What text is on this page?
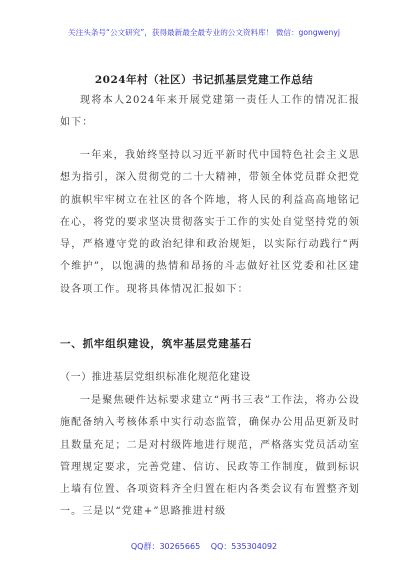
关注头条号“公文研究”，获得最新最全最专业的公文资料库！ 微信：gongwenyj
2024年村（社区）书记抓基层党建工作总结

现将本人2024年来开展党建第一责任人工作的情况汇报如下：

一年来，我始终坚持以习近平新时代中国特色社会主义思想为指引，深入贯彻党的二十大精神，带领全体党员群众把党的旗帜牢牢树立在社区的各个阵地，将人民的利益高高地铭记在心，将党的要求坚决贯彻落实于工作的实处自觉坚持党的领导，严格遵守党的政治纪律和政治规矩，以实际行动践行“两个维护”，以饱满的热情和昂扬的斗志做好社区党委和社区建设各项工作。现将具体情况汇报如下：

一、抓牢组织建设，筑牢基层党建基石
（一）推进基层党组织标准化规范化建设

一是聚焦硬件达标要求建立“两书三表”工作法，将办公设施配备纳入考核体系中实行动态监管，确保办公用品更新及时且数量充足；二是对村级阵地进行规范，严格落实党员活动室管理规定要求，完善党建、信访、民政等工作制度，做到标识上墙有位置、各项资料齐全归置在柜内各类会议有布置整齐划一。三是以“党建+”思路推进村级

QQ群：30265665 QQ：535304092
